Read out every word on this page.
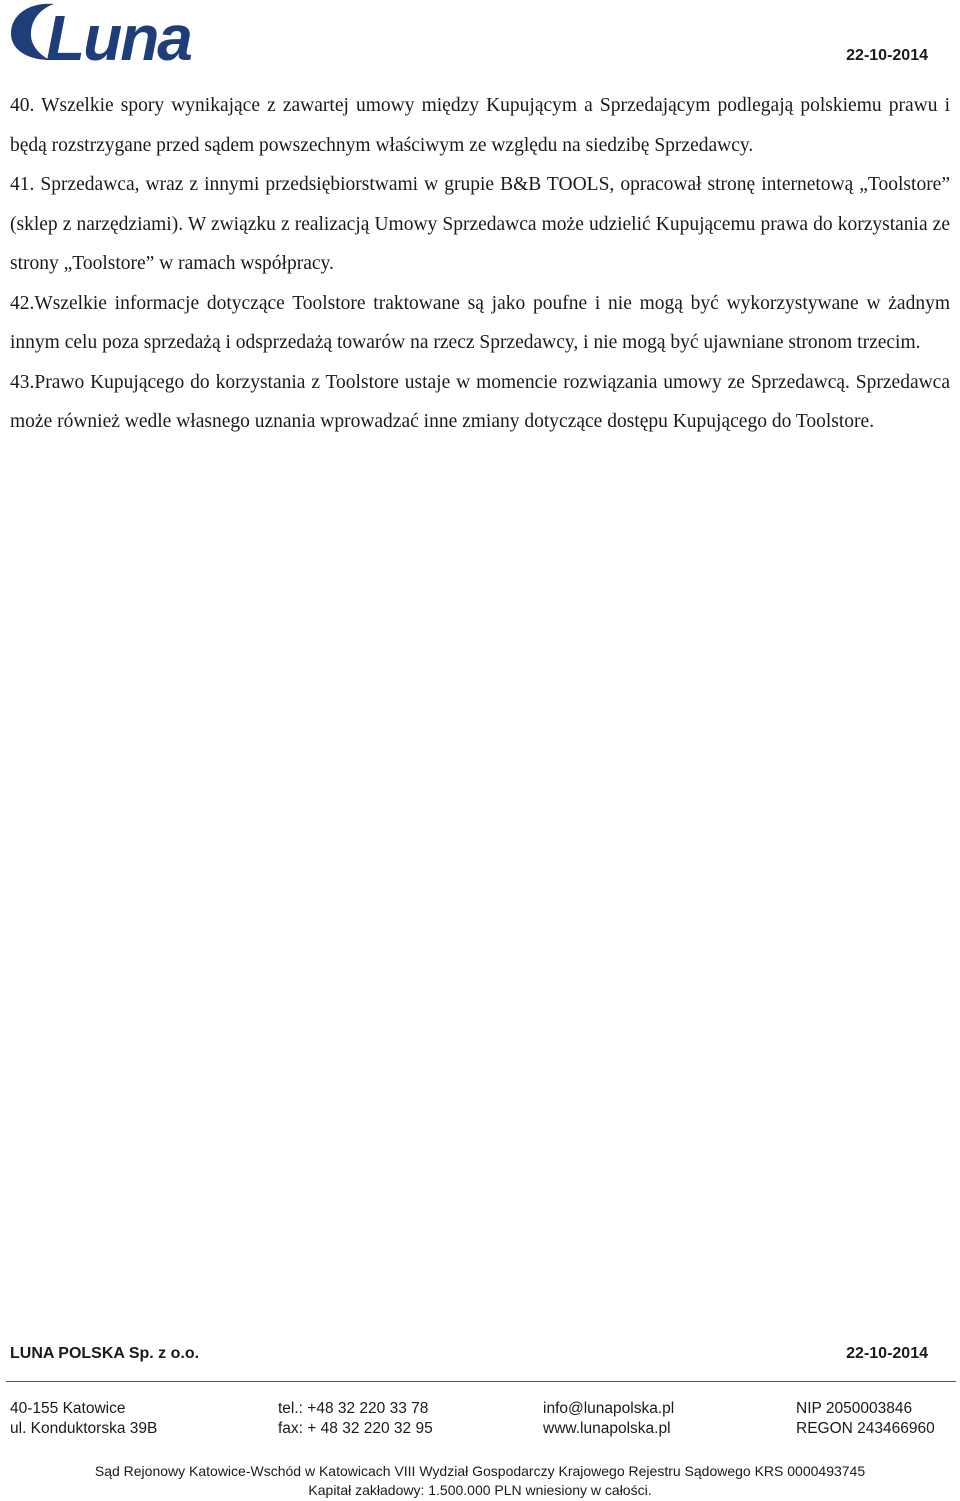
Luna	22-10-2014

40. Wszelkie spory wynikające z zawartej umowy między Kupującym a Sprzedającym podlegają polskiemu prawu i będą rozstrzygane przed sądem powszechnym właściwym ze względu na siedzibę Sprzedawcy.

41. Sprzedawca, wraz z innymi przedsiębiorstwami w grupie B&B TOOLS, opracował stronę internetową „Toolstore” (sklep z narzędziami). W związku z realizacją Umowy Sprzedawca może udzielić Kupującemu prawa do korzystania ze strony „Toolstore” w ramach współpracy.

42.Wszelkie informacje dotyczące Toolstore traktowane są jako poufne i nie mogą być wykorzystywane w żadnym innym celu poza sprzedażą i odsprzedażą towarów na rzecz Sprzedawcy, i nie mogą być ujawniane stronom trzecim.

43.Prawo Kupującego do korzystania z Toolstore ustaje w momencie rozwiązania umowy ze Sprzedawcą. Sprzedawca może również wedle własnego uznania wprowadzać inne zmiany dotyczące dostępu Kupującego do Toolstore.

LUNA POLSKA Sp. z o.o.	22-10-2014
40-155 Katowice
ul. Konduktorska 39B
tel.: +48 32 220 33 78
fax: + 48 32 220 32 95
info@lunapolska.pl
www.lunapolska.pl
NIP 2050003846
REGON 243466960
Sąd Rejonowy Katowice-Wschód w Katowicach VIII Wydział Gospodarczy Krajowego Rejestru Sądowego KRS 0000493745
Kapitał zakładowy: 1.500.000 PLN wniesiony w całości.
